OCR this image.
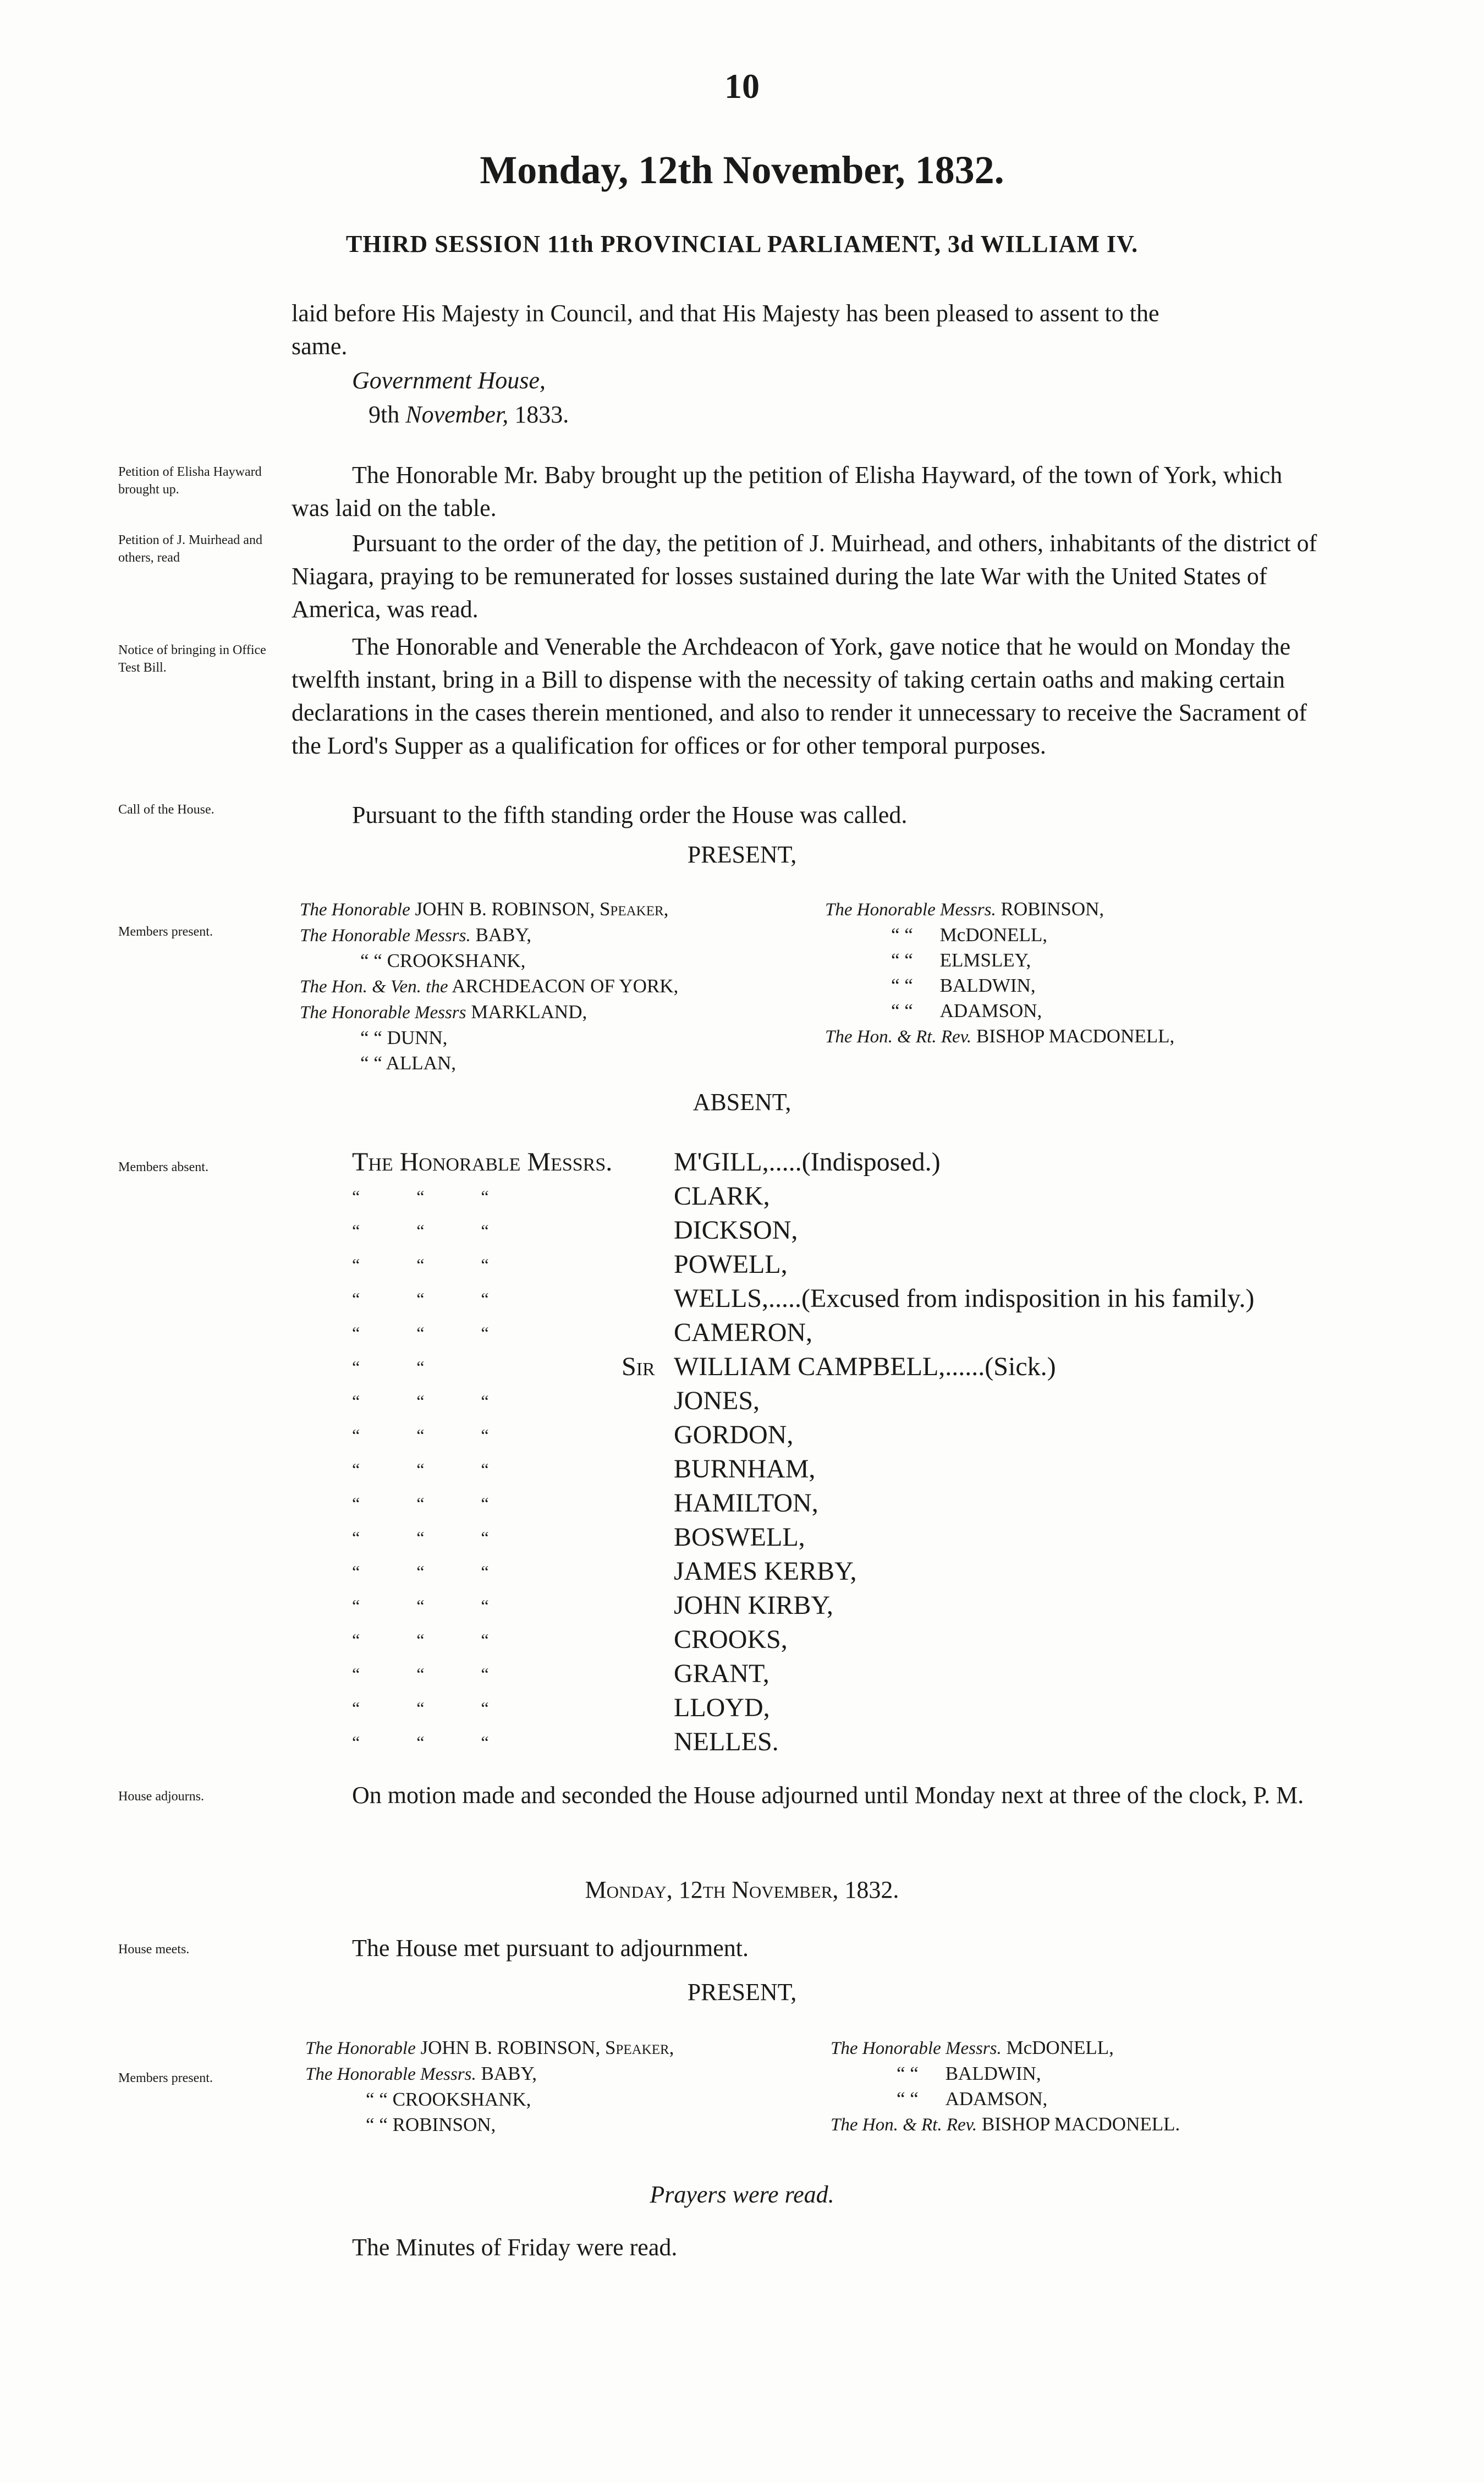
10
Monday, 12th November, 1832.
THIRD SESSION 11th PROVINCIAL PARLIAMENT, 3d WILLIAM IV.
laid before His Majesty in Council, and that His Majesty has been pleased to assent to the
same.
Government House,
9th November, 1833.
Petition of Elisha Hayward brought up.
Petition of J. Muirhead and others, read
Notice of bringing in Office Test Bill.
Call of the House.
Members present.
Members absent.
House adjourns.
House meets.
Members present.
The Honorable Mr. Baby brought up the petition of Elisha Hayward, of the town of York, which was laid on the table.
Pursuant to the order of the day, the petition of J. Muirhead, and others, inhabitants of the district of Niagara, praying to be remunerated for losses sustained during the late War with the United States of America, was read.
The Honorable and Venerable the Archdeacon of York, gave notice that he would on Monday the twelfth instant, bring in a Bill to dispense with the necessity of taking certain oaths and making certain declarations in the cases therein mentioned, and also to render it unnecessary to receive the Sacrament of the Lord's Supper as a qualification for offices or for other temporal purposes.
Pursuant to the fifth standing order the House was called.
PRESENT,
The Honorable JOHN B. ROBINSON, Speaker,
The Honorable Messrs. BABY,
“ “ CROOKSHANK,
The Hon. & Ven. the ARCHDEACON OF YORK,
The Honorable Messrs MARKLAND,
“ “ DUNN,
“ “ ALLAN,
The Honorable Messrs. ROBINSON,
“ “ McDONELL,
“ “ ELMSLEY,
“ “ BALDWIN,
“ “ ADAMSON,
The Hon. & Rt. Rev. BISHOP MACDONELL,
ABSENT,
The Honorable Messrs.	M'GILL, .....(Indisposed.)
“	“	“	CLARK,
“	“	“	DICKSON,
“	“	“	POWELL,
“	“	“	WELLS, .....(Excused from indisposition in his family.)
“	“	“	CAMERON,
“	“	Sir WILLIAM CAMPBELL, ......(Sick.)
“	“	“	JONES,
“	“	“	GORDON,
“	“	“	BURNHAM,
“	“	“	HAMILTON,
“	“	“	BOSWELL,
“	“	“	JAMES KERBY,
“	“	“	JOHN KIRBY,
“	“	“	CROOKS,
“	“	“	GRANT,
“	“	“	LLOYD,
“	“	“	NELLES.
On motion made and seconded the House adjourned until Monday next at three of the clock, P. M.
Monday, 12th November, 1832.
The House met pursuant to adjournment.
PRESENT,
The Honorable JOHN B. ROBINSON, Speaker,
The Honorable Messrs. BABY,
“ “ CROOKSHANK,
“ “ ROBINSON,
The Honorable Messrs. McDONELL,
“ “ BALDWIN,
“ “ ADAMSON,
The Hon. & Rt. Rev. BISHOP MACDONELL.
Prayers were read.
The Minutes of Friday were read.
